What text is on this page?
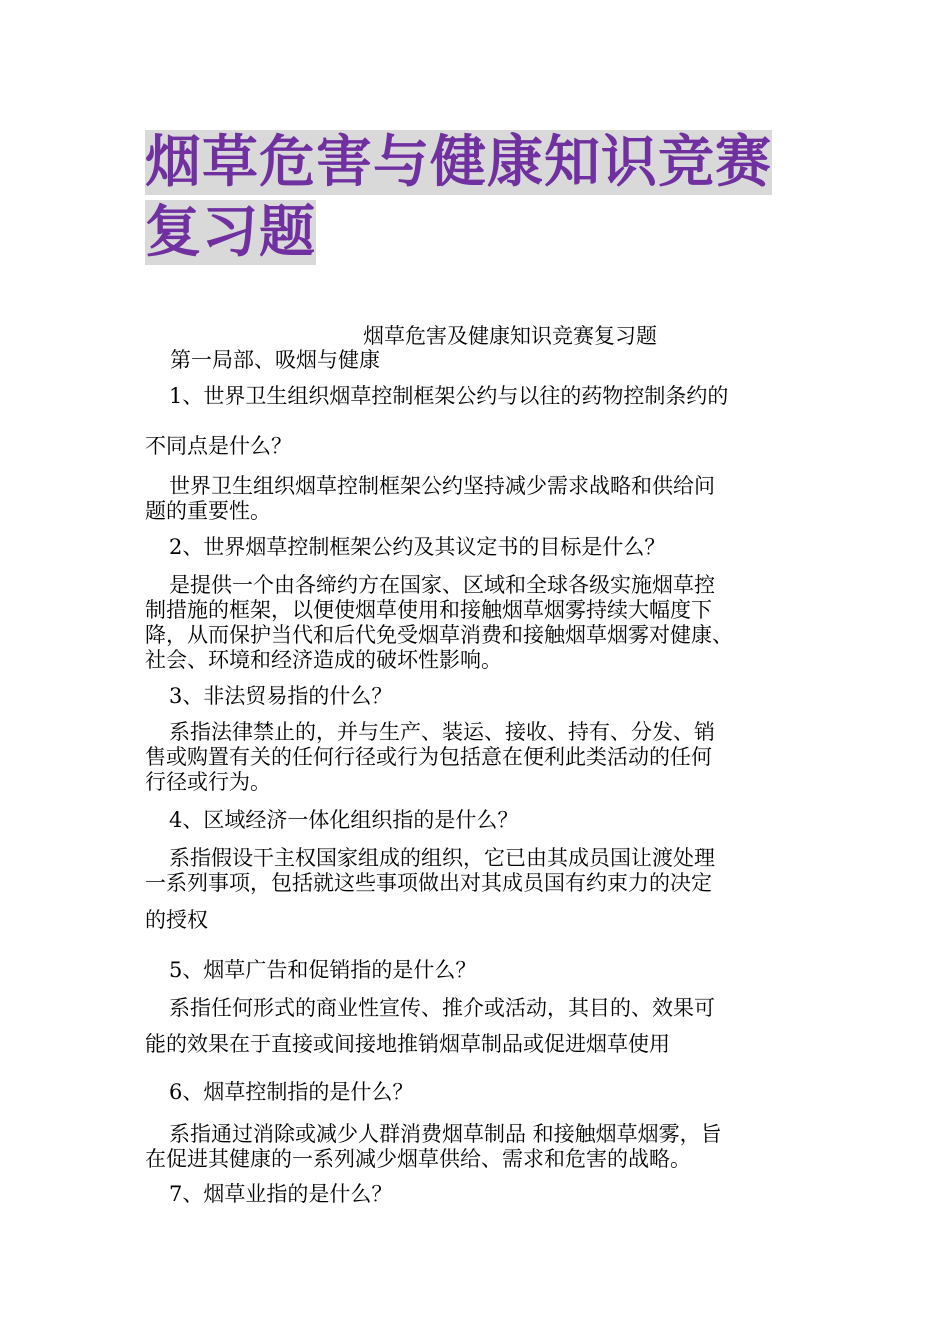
烟草危害与健康知识竞赛
复习题
烟草危害及健康知识竞赛复习题
第一局部、吸烟与健康
1、世界卫生组织烟草控制框架公约与以往的药物控制条约的
不同点是什么？
世界卫生组织烟草控制框架公约坚持减少需求战略和供给问
题的重要性。
2、世界烟草控制框架公约及其议定书的目标是什么？
是提供一个由各缔约方在国家、区域和全球各级实施烟草控
制措施的框架，以便使烟草使用和接触烟草烟雾持续大幅度下
降，从而保护当代和后代免受烟草消费和接触烟草烟雾对健康、
社会、环境和经济造成的破坏性影响。
3、非法贸易指的什么？
系指法律禁止的，并与生产、装运、接收、持有、分发、销
售或购置有关的任何行径或行为包括意在便利此类活动的任何
行径或行为。
4、区域经济一体化组织指的是什么？
系指假设干主权国家组成的组织，它已由其成员国让渡处理
一系列事项，包括就这些事项做出对其成员国有约束力的决定
的授权
5、烟草广告和促销指的是什么？
系指任何形式的商业性宣传、推介或活动，其目的、效果可
能的效果在于直接或间接地推销烟草制品或促进烟草使用
6、烟草控制指的是什么？
系指通过消除或减少人群消费烟草制品 和接触烟草烟雾，旨
在促进其健康的一系列减少烟草供给、需求和危害的战略。
7、烟草业指的是什么？
